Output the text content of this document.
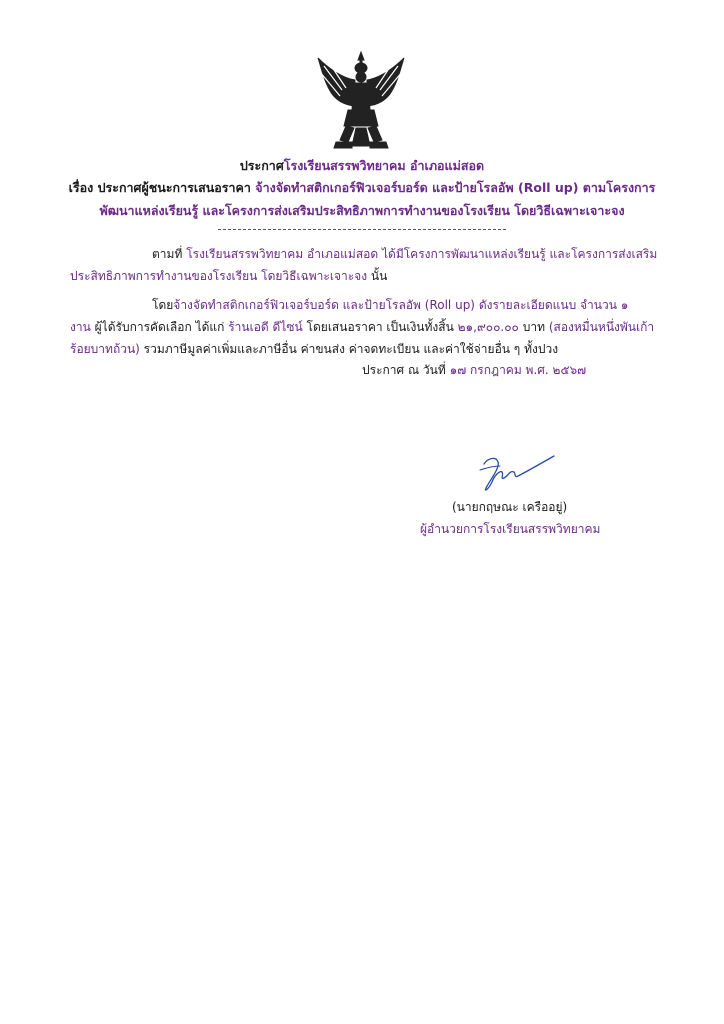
ประกาศโรงเรียนสรรพวิทยาคม อำเภอแม่สอด
เรื่อง ประกาศผู้ชนะการเสนอราคา จ้างจัดทำสติกเกอร์ฟิวเจอร์บอร์ด และป้ายโรลอัพ (Roll up) ตามโครงการ
พัฒนาแหล่งเรียนรู้ และโครงการส่งเสริมประสิทธิภาพการทำงานของโรงเรียน โดยวิธีเฉพาะเจาะจง
ตามที่ โรงเรียนสรรพวิทยาคม อำเภอแม่สอด ได้มีโครงการพัฒนาแหล่งเรียนรู้ และโครงการส่งเสริม
ประสิทธิภาพการทำงานของโรงเรียน โดยวิธีเฉพาะเจาะจง นั้น
โดยจ้างจัดทำสติกเกอร์ฟิวเจอร์บอร์ด และป้ายโรลอัพ (Roll up) ดังรายละเอียดแนบ จำนวน ๑
งาน ผู้ได้รับการคัดเลือก ได้แก่ ร้านเอดี ดีไซน์ โดยเสนอราคา เป็นเงินทั้งสิ้น ๒๑,๙๐๐.๐๐ บาท (สองหมื่นหนึ่งพันเก้า
ร้อยบาทถ้วน) รวมภาษีมูลค่าเพิ่มและภาษีอื่น ค่าขนส่ง ค่าจดทะเบียน และค่าใช้จ่ายอื่น ๆ ทั้งปวง
ประกาศ ณ วันที่ ๑๗ กรกฎาคม พ.ศ. ๒๕๖๗
(นายกฤษณะ เครืออยู่)
ผู้อำนวยการโรงเรียนสรรพวิทยาคม
